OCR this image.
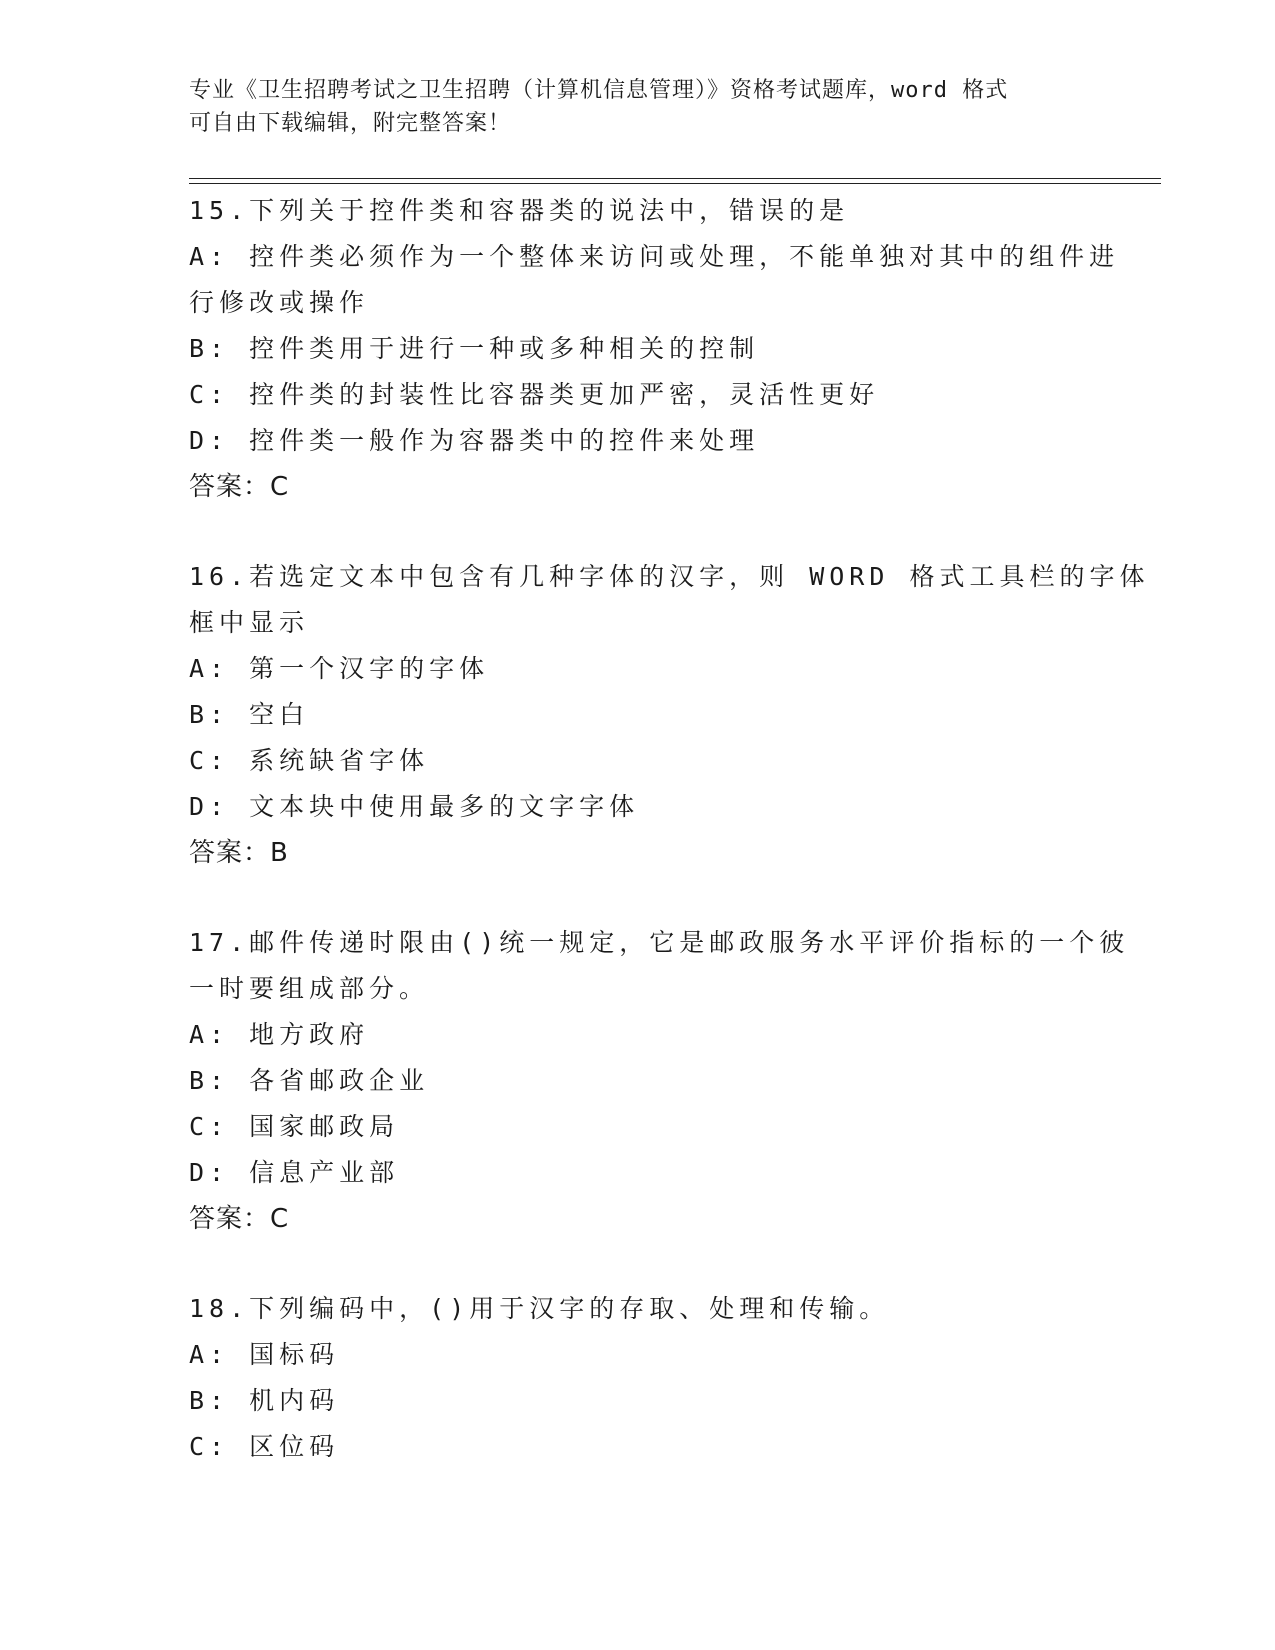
专业《卫生招聘考试之卫生招聘（计算机信息管理）》资格考试题库，word 格式
可自由下载编辑，附完整答案！
15.下列关于控件类和容器类的说法中，错误的是
A: 控件类必须作为一个整体来访问或处理，不能单独对其中的组件进
行修改或操作
B: 控件类用于进行一种或多种相关的控制
C: 控件类的封装性比容器类更加严密，灵活性更好
D: 控件类一般作为容器类中的控件来处理
答案：C
16.若选定文本中包含有几种字体的汉字，则 WORD 格式工具栏的字体
框中显示
A: 第一个汉字的字体
B: 空白
C: 系统缺省字体
D: 文本块中使用最多的文字字体
答案：B
17.邮件传递时限由()统一规定，它是邮政服务水平评价指标的一个彼
一时要组成部分。
A: 地方政府
B: 各省邮政企业
C: 国家邮政局
D: 信息产业部
答案：C
18.下列编码中，()用于汉字的存取、处理和传输。
A: 国标码
B: 机内码
C: 区位码
